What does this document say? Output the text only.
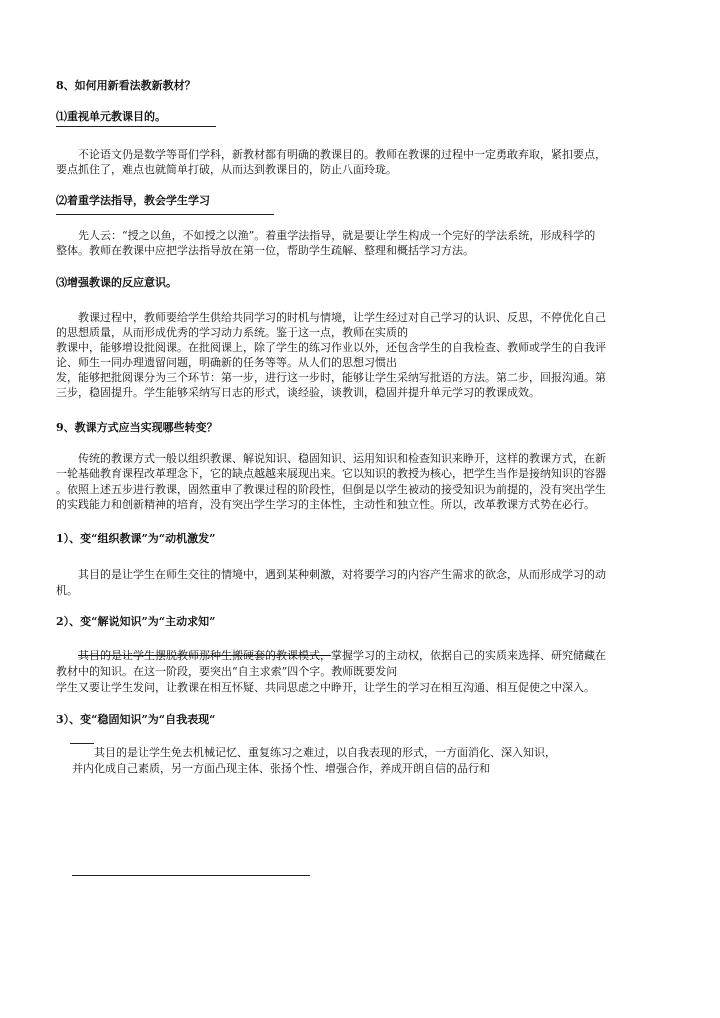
8、如何用新看法教新教材？
⑴重视单元教课目的。
不论语文仍是数学等哥们学科，新教材都有明确的教课目的。教师在教课的过程中一定勇敢弃取，紧扣要点，
要点抓住了，难点也就简单打破，从而达到教课目的，防止八面玲珑。
⑵着重学法指导，教会学生学习
先人云：“授之以鱼，不如授之以渔”。着重学法指导，就是要让学生构成一个完好的学法系统，形成科学的
整体。教师在教课中应把学法指导放在第一位，帮助学生疏解、整理和概括学习方法。
⑶增强教课的反应意识。
教课过程中，教师要给学生供给共同学习的时机与情境，让学生经过对自己学习的认识、反思，不停优化自己
的思想质量，从而形成优秀的学习动力系统。鉴于这一点，教师在实质的
教课中，能够增设批阅课。在批阅课上，除了学生的练习作业以外，还包含学生的自我检查、教师或学生的自我评
论、师生一同办理遗留问题，明确新的任务等等。从人们的思想习惯出
发，能够把批阅课分为三个环节：第一步，进行这一步时，能够让学生采纳写批语的方法。第二步，回报沟通。第
三步，稳固提升。学生能够采纳写日志的形式，谈经验，谈教训，稳固并提升单元学习的教课成效。
9、教课方式应当实现哪些转变？
传统的教课方式一般以组织教课、解说知识、稳固知识、运用知识和检查知识来睁开，这样的教课方式，在新
一轮基础教育课程改革理念下，它的缺点越越来展现出来。它以知识的教授为核心，把学生当作是接纳知识的容器
。依照上述五步进行教课，固然重申了教课过程的阶段性，但倒是以学生被动的接受知识为前提的，没有突出学生
的实践能力和创新精神的培育，没有突出学生学习的主体性，主动性和独立性。所以，改革教课方式势在必行。
1）、变“组织教课”为“动机激发”
其目的是让学生在师生交往的情境中，遇到某种刺激，对将要学习的内容产生需求的欲念，从而形成学习的动
机。
2）、变“解说知识”为“主动求知”
其目的是让学生摆脱教师那种生搬硬套的教课模式，掌握学习的主动权，依据自己的实质来选择、研究储藏在
教材中的知识。在这一阶段，要突出“自主求索”四个字。教师既要发问
学生又要让学生发问，让教课在相互怀疑、共同思虑之中睁开，让学生的学习在相互沟通、相互促使之中深入。
3）、变“稳固知识”为“自我表现“
其目的是让学生免去机械记忆、重复练习之难过，以自我表现的形式，一方面消化、深入知识，
并内化成自己素质，另一方面凸现主体、张扬个性、增强合作，养成开朗自信的品行和
